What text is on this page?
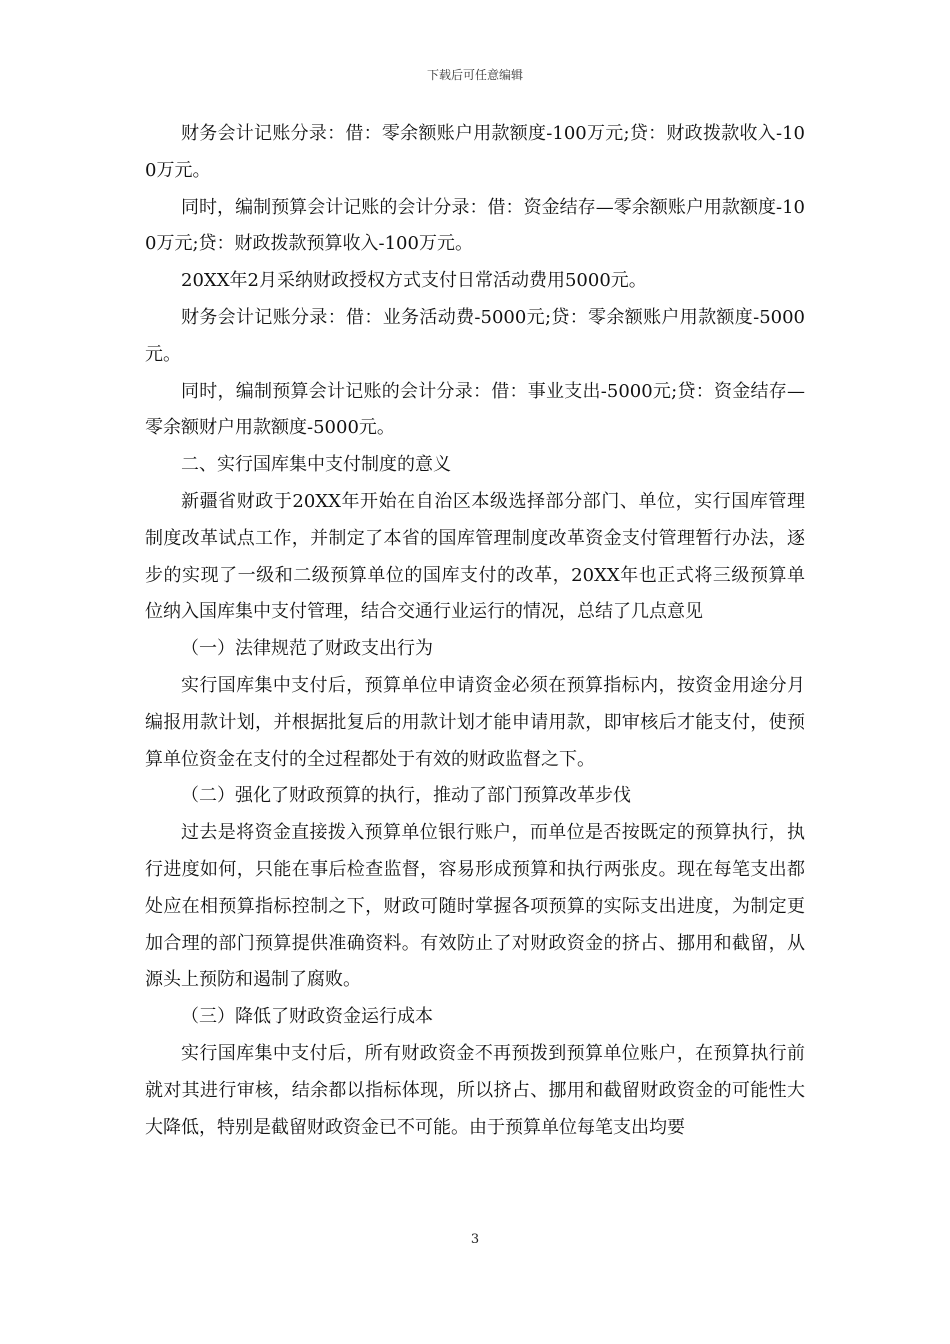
下载后可任意编辑

财务会计记账分录：借：零余额账户用款额度-100万元;贷：财政拨款收入-100万元。

同时，编制预算会计记账的会计分录：借：资金结存—零余额账户用款额度-100万元;贷：财政拨款预算收入-100万元。

20XX年2月采纳财政授权方式支付日常活动费用5000元。

财务会计记账分录：借：业务活动费-5000元;贷：零余额账户用款额度-5000元。

同时，编制预算会计记账的会计分录：借：事业支出-5000元;贷：资金结存—零余额财户用款额度-5000元。

二、实行国库集中支付制度的意义

新疆省财政于20XX年开始在自治区本级选择部分部门、单位，实行国库管理制度改革试点工作，并制定了本省的国库管理制度改革资金支付管理暂行办法，逐步的实现了一级和二级预算单位的国库支付的改革，20XX年也正式将三级预算单位纳入国库集中支付管理，结合交通行业运行的情况，总结了几点意见

（一）法律规范了财政支出行为

实行国库集中支付后，预算单位申请资金必须在预算指标内，按资金用途分月编报用款计划，并根据批复后的用款计划才能申请用款，即审核后才能支付，使预算单位资金在支付的全过程都处于有效的财政监督之下。

（二）强化了财政预算的执行，推动了部门预算改革步伐

过去是将资金直接拨入预算单位银行账户，而单位是否按既定的预算执行，执行进度如何，只能在事后检查监督，容易形成预算和执行两张皮。现在每笔支出都处应在相预算指标控制之下，财政可随时掌握各项预算的实际支出进度，为制定更加合理的部门预算提供准确资料。有效防止了对财政资金的挤占、挪用和截留，从源头上预防和遏制了腐败。

（三）降低了财政资金运行成本

实行国库集中支付后，所有财政资金不再预拨到预算单位账户，在预算执行前就对其进行审核，结余都以指标体现，所以挤占、挪用和截留财政资金的可能性大大降低，特别是截留财政资金已不可能。由于预算单位每笔支出均要

3
